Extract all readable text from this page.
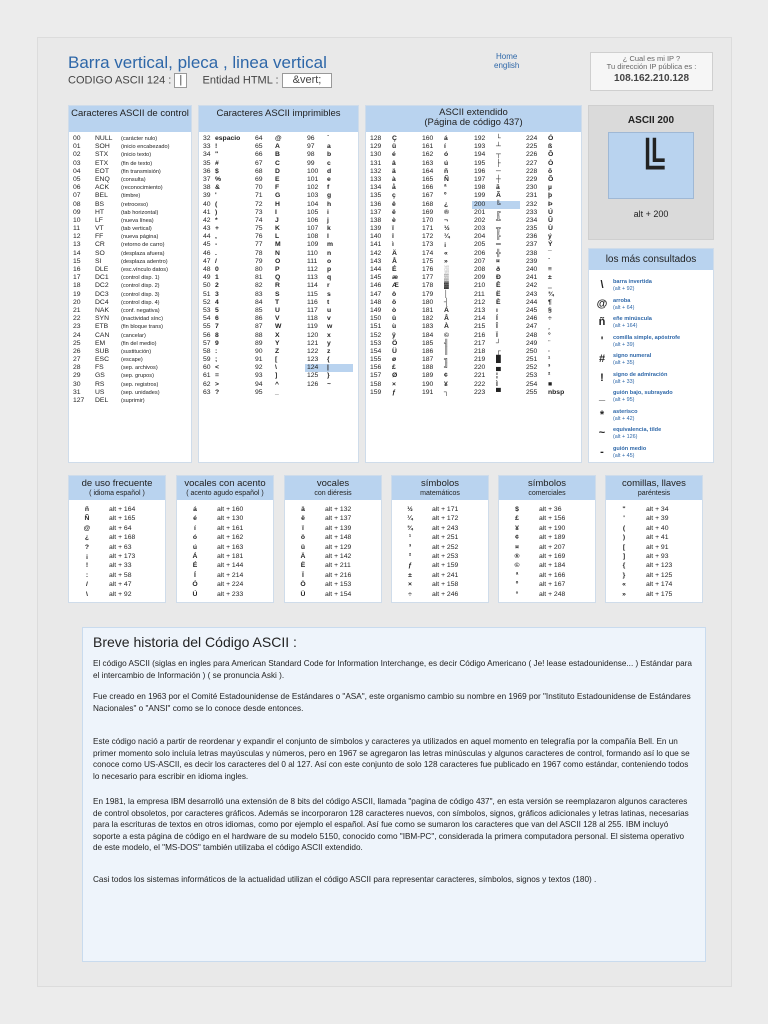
Barra vertical, pleca , linea vertical
CODIGO ASCII 124 : | Entidad HTML : &vert;
Home
english
¿ Cual es mi IP ?
Tu dirección IP pública es :
108.162.210.128
Caracteres ASCII de control
00 NULL (carácter nulo)
01 SOH (inicio encabezado)
02 STX (inicio texto)
03 ETX (fin de texto)
04 EOT (fin transmisión)
05 ENQ (consulta)
06 ACK (reconocimiento)
07 BEL (timbre)
08 BS	(retroceso)
09 HT	(tab horizontal)
10 LF	(nueva línea)
11 VT	(tab vertical)
12 FF	(nueva página)
13 CR	(retorno de carro)
14 SO	(desplaza afuera)
15 SI	(desplaza adentro)
16 DLE (esc.vínculo datos)
17 DC1 (control disp. 1)
18 DC2 (control disp. 2)
19 DC3 (control disp. 3)
20 DC4 (control disp. 4)
21 NAK (conf. negativa)
22 SYN (inactividad sínc)
23 ETB (fin bloque trans)
24 CAN (cancelar)
25 EM	(fin del medio)
26 SUB (sustitución)
27 ESC (escape)
28 FS	(sep. archivos)
29 GS	(sep. grupos)
30 RS	(sep. registros)
31 US	(sep. unidades)
127 DEL (suprimir)
Caracteres ASCII imprimibles
32 espacio 64 @	96 `
33 !	65 A	97 a
34 "	66 B	98 b
35 #	67 C	99 c
36 $	68 D	100 d
37 %	69 E	101 e
38 &	70 F	102 f
39 '	71 G	103 g
40 (	72 H	104 h
41 )	73 I	105 i
42 *	74 J	106 j
43 +	75 K	107 k
44 ,	76 L	108 l
45 -	77 M	109 m
46 .	78 N	110 n
47 /	79 O	111 o
48 0	80 P	112 p
49 1	81 Q	113 q
50 2	82 R	114 r
51 3	83 S	115 s
52 4	84 T	116 t
53 5	85 U	117 u
54 6	86 V	118 v
55 7	87 W	119 w
56 8	88 X	120 x
57 9	89 Y	121 y
58 :	90 Z	122 z
59 ;	91 [	123 {
60 <	92 \	124 |
61 =	93 ]	125 }
62 >	94 ^	126 ~
63 ?	95 _
ASCII extendido
(Página de código 437)
128 Ç	160 á	192 └	224 Ó
129 ü	161 í	193 ┴	225 ß
130 é	162 ó	194 ┬	226 Ô
131 â	163 ú	195 ├	227 Ò
132 ä	164 ñ	196 ─	228 õ
133 à	165 Ñ	197 ┼	229 Õ
134 å	166 ª	198 ã	230 µ
135 ç	167 º	199 Ã	231 þ
136 ê	168 ¿	200 ╚	232 Þ
137 ë	169 ®	201 ╔	233 Ú
138 è	170 ¬	202 ╩	234 Û
139 ï	171 ½	203 ╦	235 Ù
140 î	172 ¼	204 ╠	236 ý
141 ì	173 ¡	205 ═	237 Ý
142 Ä	174 «	206 ╬	238 ¯
143 Å	175 »	207 ¤	239 ´
144 É	176 ░	208 ð	240 ≡
145 æ	177 ▒	209 Ð	241 ±
146 Æ	178 ▓	210 Ê	242 ‗
147 ô	179 │	211 Ë	243 ¾
148 ö	180 ┤	212 È	244 ¶
149 ò	181 Á	213 ı	245 §
150 û	182 Â	214 Í	246 ÷
151 ù	183 À	215 Î	247 ¸
152 ÿ	184 ©	216 Ï	248 °
153 Ö	185 ╣	217 ┘	249 ¨
154 Ü	186 ║	218 ┌	250 ·
155 ø	187 ╗	219 █	251 ¹
156 £	188 ╝	220 ▄	252 ³
157 Ø	189 ¢	221 ¦	253 ²
158 ×	190 ¥	222 Ì	254 ■
159 ƒ	191 ┐	223 ▀	255 nbsp
ASCII 200
╚
alt + 200
los más consultados
\	barra invertida
(alt + 92)
@ arroba
(alt + 64)
ñ	eñe minúscula
(alt + 164)
'	comilla simple, apóstrofe
(alt + 39)
#	signo numeral
(alt + 35)
!	signo de admiración
(alt + 33)
_	guión bajo, subrayado
(alt + 95)
*	asterisco
(alt + 42)
~	equivalencia, tilde
(alt + 126)
-	guión medio
(alt + 45)
de uso frecuente
( idioma español )
ñ	alt + 164
Ñ	alt + 165
@	alt + 64
¿	alt + 168
?	alt + 63
¡	alt + 173
!	alt + 33
:	alt + 58
/	alt + 47
\	alt + 92
vocales con acento
( acento agudo español )
á	alt + 160
é	alt + 130
í	alt + 161
ó	alt + 162
ú	alt + 163
Á	alt + 181
É	alt + 144
Í	alt + 214
Ó	alt + 224
Ú	alt + 233
vocales
con diéresis
ä	alt + 132
ë	alt + 137
ï	alt + 139
ö	alt + 148
ü	alt + 129
Ä	alt + 142
Ë	alt + 211
Ï	alt + 216
Ö	alt + 153
Ü	alt + 154
símbolos
matemáticos
½	alt + 171
¼	alt + 172
¾	alt + 243
¹	alt + 251
³	alt + 252
²	alt + 253
ƒ	alt + 159
±	alt + 241
×	alt + 158
÷	alt + 246
símbolos
comerciales
$	alt + 36
£	alt + 156
¥	alt + 190
¢	alt + 189
¤	alt + 207
®	alt + 169
©	alt + 184
ª	alt + 166
º	alt + 167
°	alt + 248
comillas, llaves
paréntesis
"	alt + 34
'	alt + 39
(	alt + 40
)	alt + 41
[	alt + 91
]	alt + 93
{	alt + 123
}	alt + 125
«	alt + 174
»	alt + 175
Breve historia del Código ASCII :

El código ASCII (siglas en ingles para American Standard Code for Information Interchange, es decir Código Americano ( Je! lease estadounidense... ) Estándar para el intercambio de Información ) ( se pronuncia Aski ).

Fue creado en 1963 por el Comité Estadounidense de Estándares o "ASA", este organismo cambio su nombre en 1969 por "Instituto Estadounidense de Estándares Nacionales" o "ANSI" como se lo conoce desde entonces.

Este código nació a partir de reordenar y expandir el conjunto de símbolos y caracteres ya utilizados en aquel momento en telegrafía por la compañía Bell. En un primer momento solo incluía letras mayúsculas y números, pero en 1967 se agregaron las letras minúsculas y algunos caracteres de control, formando así lo que se conoce como US-ASCII, es decir los caracteres del 0 al 127. Así con este conjunto de solo 128 caracteres fue publicado en 1967 como estándar, conteniendo todos lo necesario para escribir en idioma ingles.

En 1981, la empresa IBM desarrolló una extensión de 8 bits del código ASCII, llamada "pagina de código 437", en esta versión se reemplazaron algunos caracteres de control obsoletos, por caracteres gráficos. Además se incorporaron 128 caracteres nuevos, con símbolos, signos, gráficos adicionales y letras latinas, necesarias para la escrituras de textos en otros idiomas, como por ejemplo el español. Así fue como se sumaron los caracteres que van del ASCII 128 al 255. IBM incluyó soporte a esta página de código en el hardware de su modelo 5150, conocido como "IBM-PC", considerada la primera computadora personal. El sistema operativo de este modelo, el "MS-DOS" también utilizaba el código ASCII extendido.

Casi todos los sistemas informáticos de la actualidad utilizan el código ASCII para representar caracteres, símbolos, signos y textos (180) .
